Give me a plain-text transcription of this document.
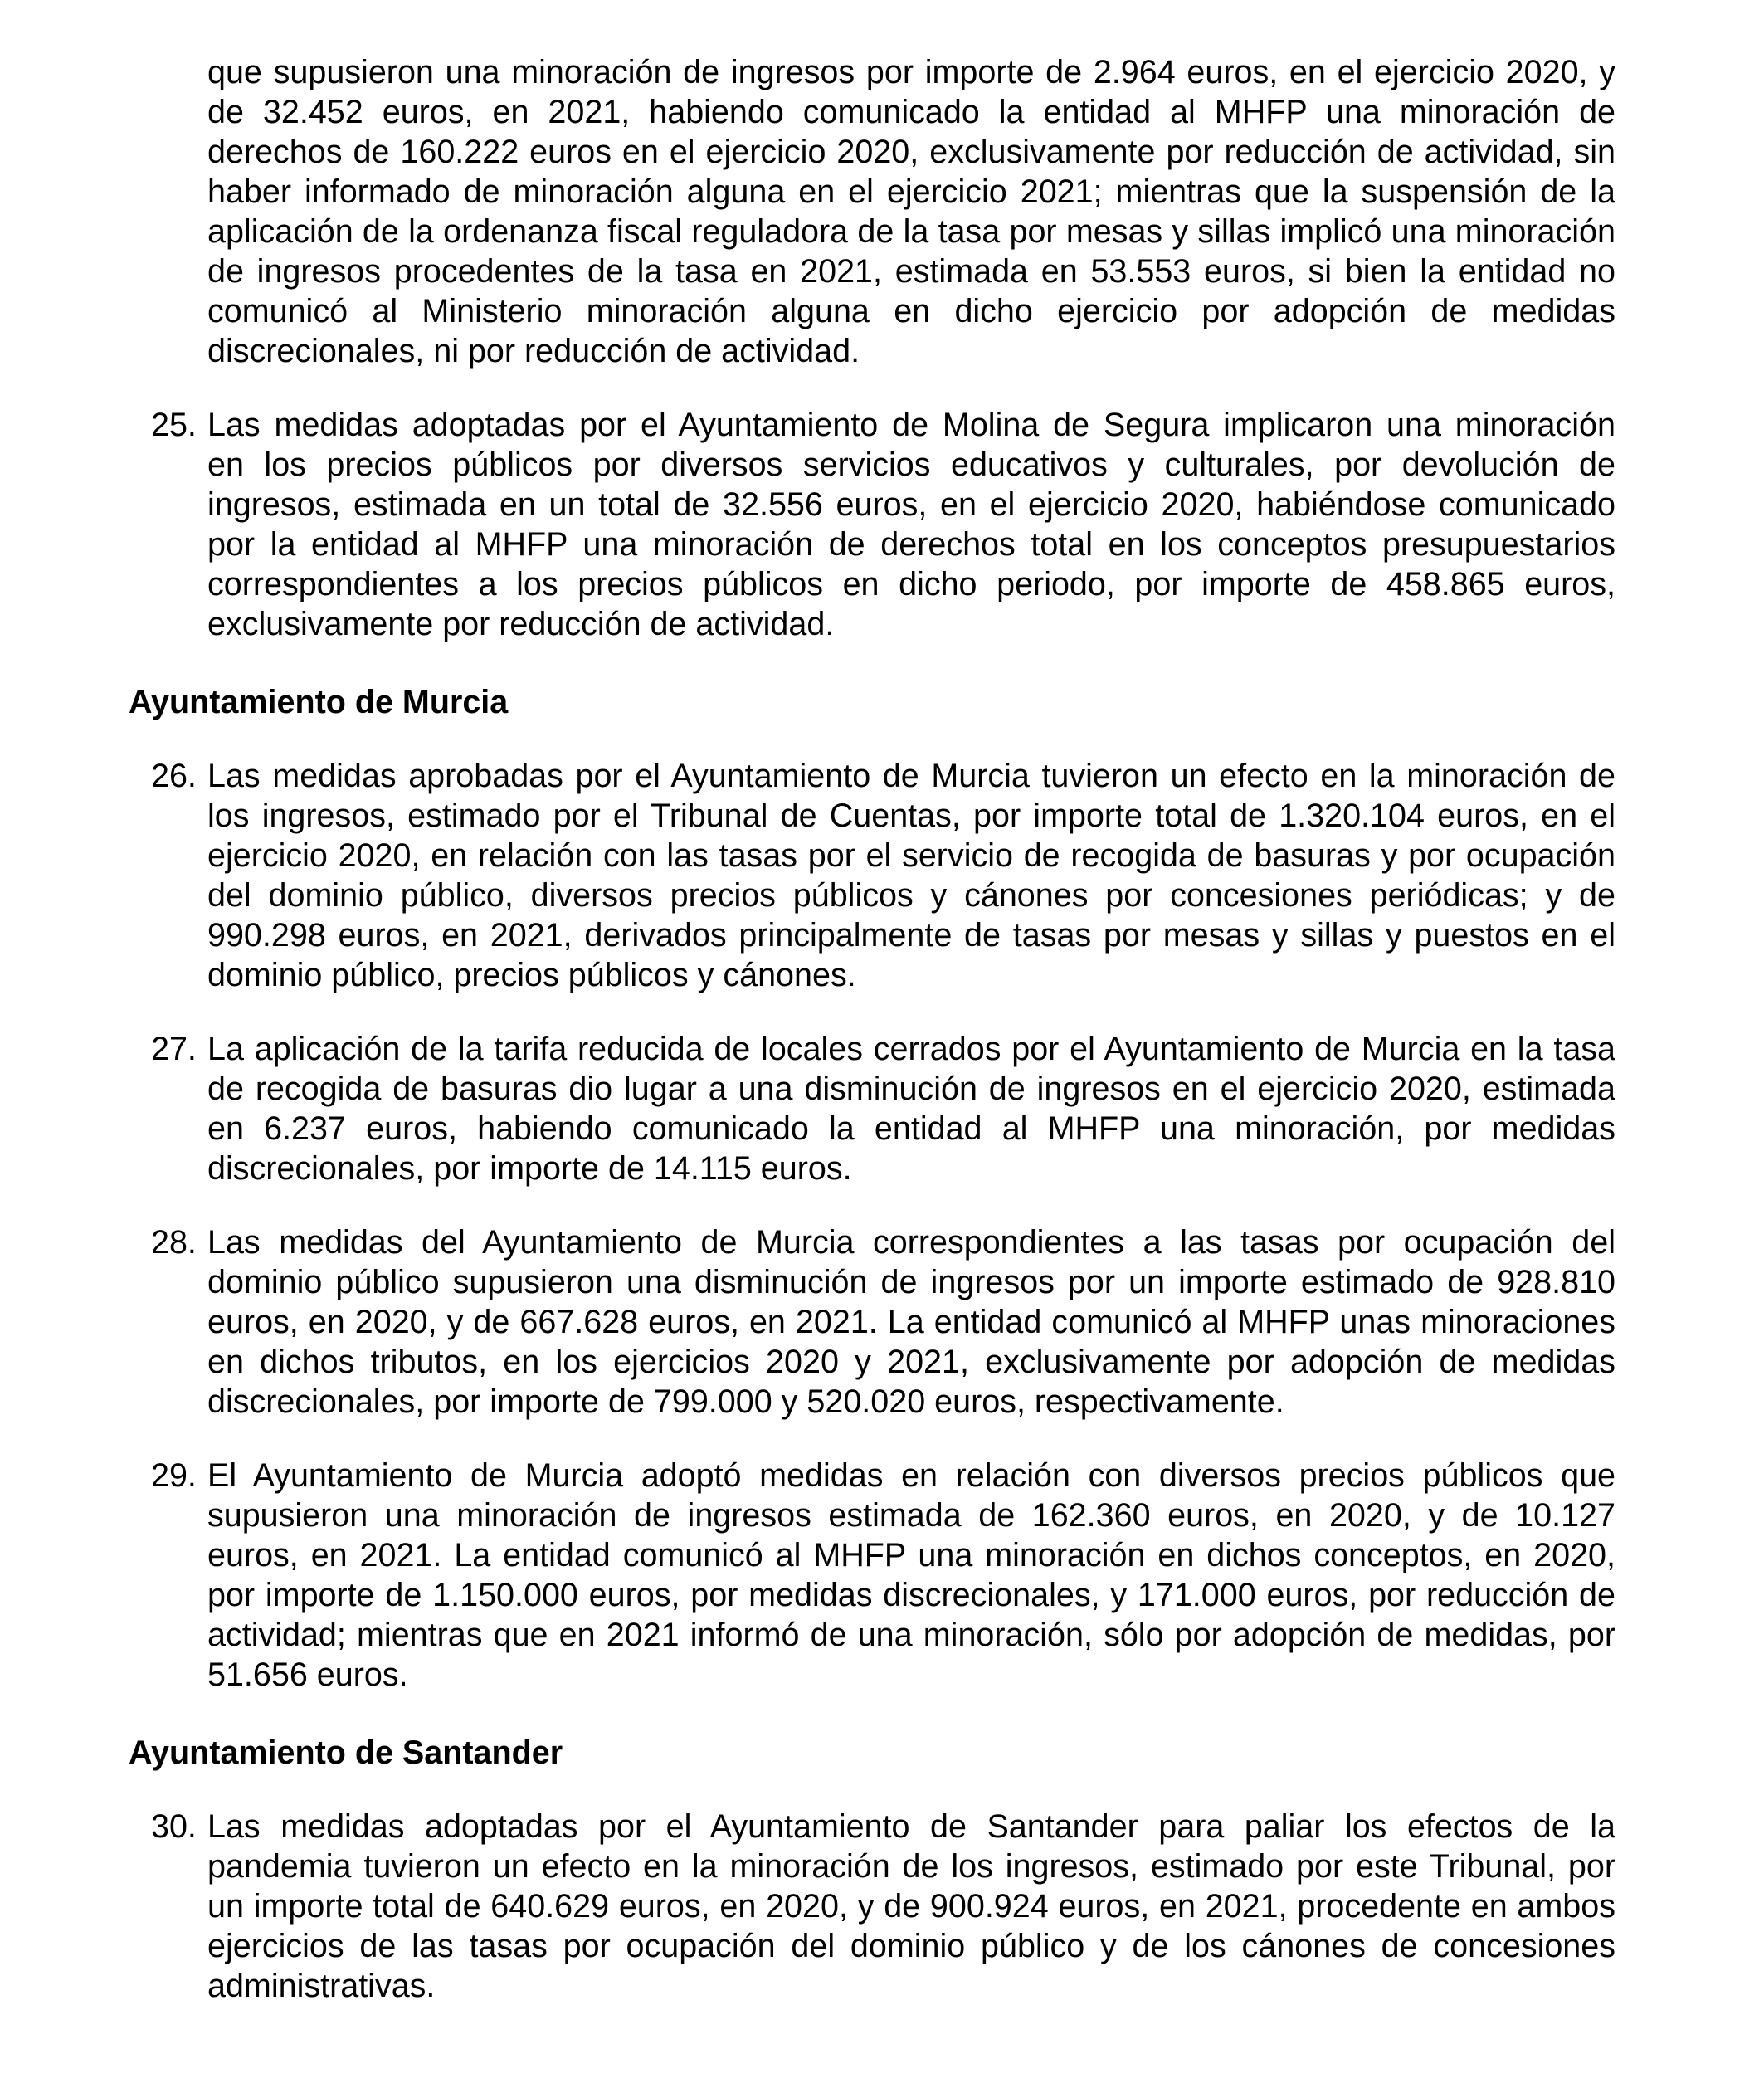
que supusieron una minoración de ingresos por importe de 2.964 euros, en el ejercicio 2020, y
de 32.452 euros, en 2021, habiendo comunicado la entidad al MHFP una minoración de
derechos de 160.222 euros en el ejercicio 2020, exclusivamente por reducción de actividad, sin
haber informado de minoración alguna en el ejercicio 2021; mientras que la suspensión de la
aplicación de la ordenanza fiscal reguladora de la tasa por mesas y sillas implicó una minoración
de ingresos procedentes de la tasa en 2021, estimada en 53.553 euros, si bien la entidad no
comunicó al Ministerio minoración alguna en dicho ejercicio por adopción de medidas
discrecionales, ni por reducción de actividad.
25. Las medidas adoptadas por el Ayuntamiento de Molina de Segura implicaron una minoración
en los precios públicos por diversos servicios educativos y culturales, por devolución de
ingresos, estimada en un total de 32.556 euros, en el ejercicio 2020, habiéndose comunicado
por la entidad al MHFP una minoración de derechos total en los conceptos presupuestarios
correspondientes a los precios públicos en dicho periodo, por importe de 458.865 euros,
exclusivamente por reducción de actividad.
Ayuntamiento de Murcia
26. Las medidas aprobadas por el Ayuntamiento de Murcia tuvieron un efecto en la minoración de
los ingresos, estimado por el Tribunal de Cuentas, por importe total de 1.320.104 euros, en el
ejercicio 2020, en relación con las tasas por el servicio de recogida de basuras y por ocupación
del dominio público, diversos precios públicos y cánones por concesiones periódicas; y de
990.298 euros, en 2021, derivados principalmente de tasas por mesas y sillas y puestos en el
dominio público, precios públicos y cánones.
27. La aplicación de la tarifa reducida de locales cerrados por el Ayuntamiento de Murcia en la tasa
de recogida de basuras dio lugar a una disminución de ingresos en el ejercicio 2020, estimada
en 6.237 euros, habiendo comunicado la entidad al MHFP una minoración, por medidas
discrecionales, por importe de 14.115 euros.
28. Las medidas del Ayuntamiento de Murcia correspondientes a las tasas por ocupación del
dominio público supusieron una disminución de ingresos por un importe estimado de 928.810
euros, en 2020, y de 667.628 euros, en 2021. La entidad comunicó al MHFP unas minoraciones
en dichos tributos, en los ejercicios 2020 y 2021, exclusivamente por adopción de medidas
discrecionales, por importe de 799.000 y 520.020 euros, respectivamente.
29. El Ayuntamiento de Murcia adoptó medidas en relación con diversos precios públicos que
supusieron una minoración de ingresos estimada de 162.360 euros, en 2020, y de 10.127
euros, en 2021. La entidad comunicó al MHFP una minoración en dichos conceptos, en 2020,
por importe de 1.150.000 euros, por medidas discrecionales, y 171.000 euros, por reducción de
actividad; mientras que en 2021 informó de una minoración, sólo por adopción de medidas, por
51.656 euros.
Ayuntamiento de Santander
30. Las medidas adoptadas por el Ayuntamiento de Santander para paliar los efectos de la
pandemia tuvieron un efecto en la minoración de los ingresos, estimado por este Tribunal, por
un importe total de 640.629 euros, en 2020, y de 900.924 euros, en 2021, procedente en ambos
ejercicios de las tasas por ocupación del dominio público y de los cánones de concesiones
administrativas.
